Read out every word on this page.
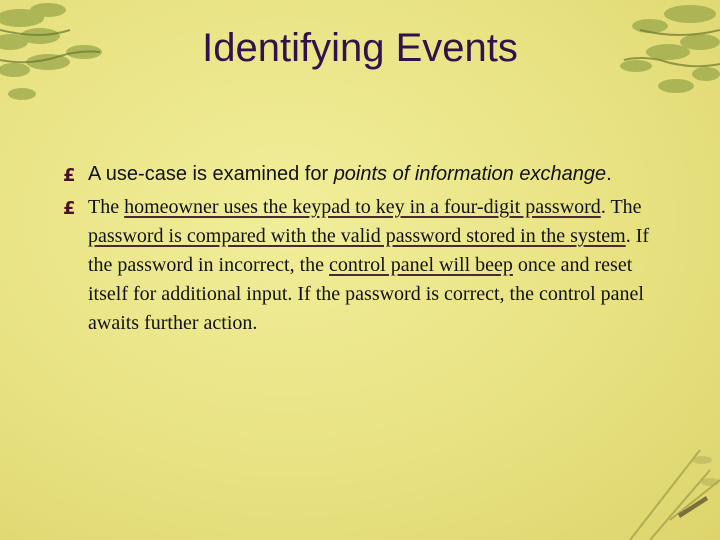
Identifying Events
£ A use-case is examined for points of information exchange.
£ The homeowner uses the keypad to key in a four-digit password. The password is compared with the valid password stored in the system. If the password in incorrect, the control panel will beep once and reset itself for additional input. If the password is correct, the control panel awaits further action.
